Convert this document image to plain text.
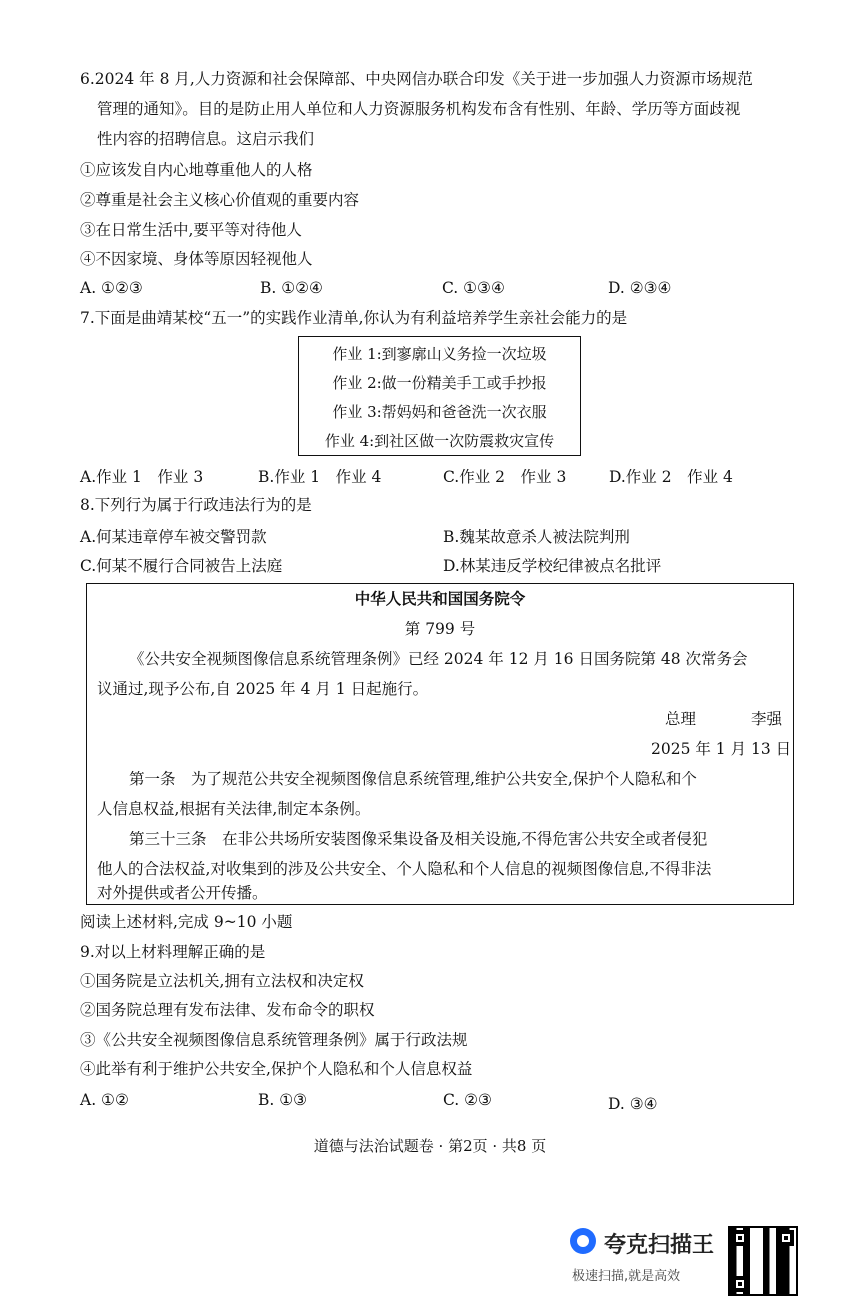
6.2024 年 8 月,人力资源和社会保障部、中央网信办联合印发《关于进一步加强人力资源市场规范
管理的通知》。目的是防止用人单位和人力资源服务机构发布含有性别、年龄、学历等方面歧视
性内容的招聘信息。这启示我们
①应该发自内心地尊重他人的人格
②尊重是社会主义核心价值观的重要内容
③在日常生活中,要平等对待他人
④不因家境、身体等原因轻视他人
A. ①②③	B. ①②④	C. ①③④	D. ②③④
7.下面是曲靖某校“五一”的实践作业清单,你认为有利益培养学生亲社会能力的是
作业 1:到寥廓山义务捡一次垃圾
作业 2:做一份精美手工或手抄报
作业 3:帮妈妈和爸爸洗一次衣服
作业 4:到社区做一次防震救灾宣传
A.作业 1　作业 3	B.作业 1　作业 4	C.作业 2　作业 3	D.作业 2　作业 4
8.下列行为属于行政违法行为的是
A.何某违章停车被交警罚款	B.魏某故意杀人被法院判刑
C.何某不履行合同被告上法庭	D.林某违反学校纪律被点名批评
中华人民共和国国务院令
第 799 号
《公共安全视频图像信息系统管理条例》已经 2024 年 12 月 16 日国务院第 48 次常务会
议通过,现予公布,自 2025 年 4 月 1 日起施行。
总理	李强
2025 年 1 月 13 日
第一条　为了规范公共安全视频图像信息系统管理,维护公共安全,保护个人隐私和个
人信息权益,根据有关法律,制定本条例。
第三十三条　在非公共场所安装图像采集设备及相关设施,不得危害公共安全或者侵犯
他人的合法权益,对收集到的涉及公共安全、个人隐私和个人信息的视频图像信息,不得非法
对外提供或者公开传播。
阅读上述材料,完成 9~10 小题
9.对以上材料理解正确的是
①国务院是立法机关,拥有立法权和决定权
②国务院总理有发布法律、发布命令的职权
③《公共安全视频图像信息系统管理条例》属于行政法规
④此举有利于维护公共安全,保护个人隐私和个人信息权益
A. ①②	B. ①③	C. ②③	D. ③④
道德与法治试题卷 · 第2页 · 共8 页
夸克扫描王
极速扫描,就是高效
